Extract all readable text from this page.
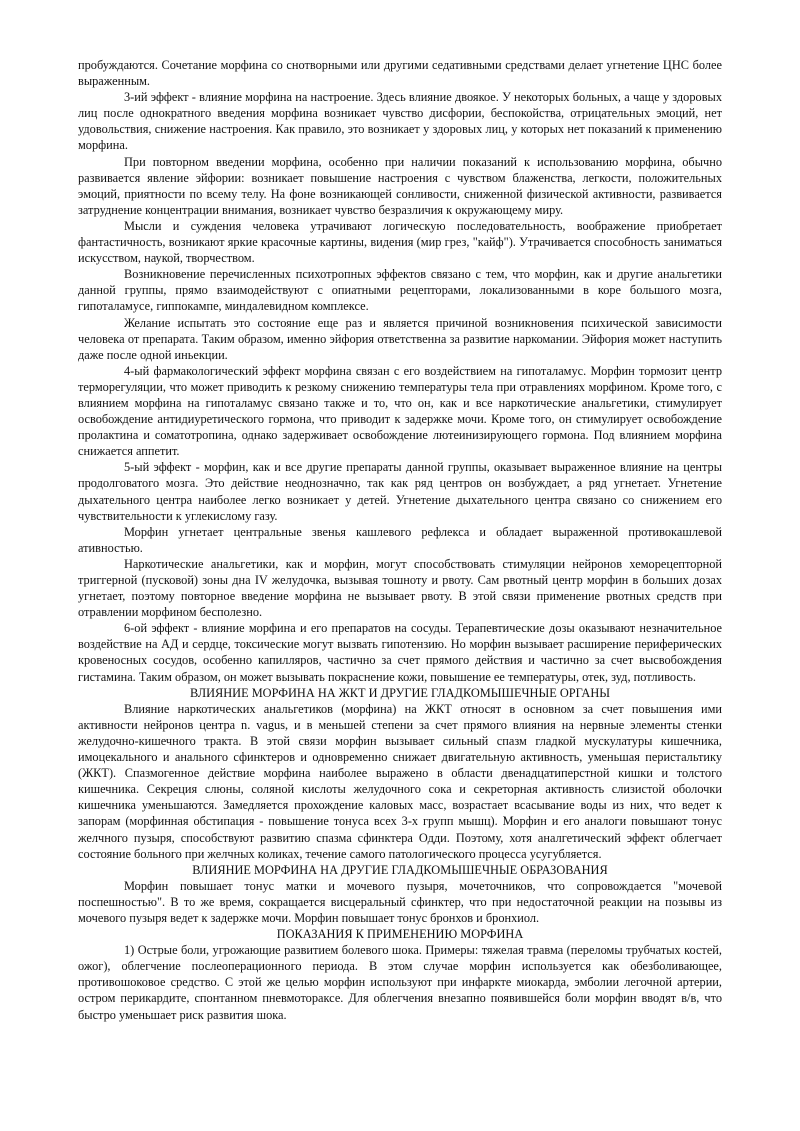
пробуждаются. Сочетание морфина со снотворными или другими седативными средствами делает угнетение ЦНС более выраженным.

3-ий эффект - влияние морфина на настроение. Здесь влияние двоякое. У некоторых больных, а чаще у здоровых лиц после однократного введения морфина возникает чувство дисфории, беспокойства, отрицательных эмоций, нет удовольствия, снижение настроения. Как правило, это возникает у здоровых лиц, у которых нет показаний к применению морфина.

При повторном введении морфина, особенно при наличии показаний к использованию морфина, обычно развивается явление эйфории: возникает повышение настроения с чувством блаженства, легкости, положительных эмоций, приятности по всему телу. На фоне возникающей сонливости, сниженной физической активности, развивается затруднение концентрации внимания, возникает чувство безразличия к окружающему миру.

Мысли и суждения человека утрачивают логическую последовательность, воображение приобретает фантастичность, возникают яркие красочные картины, видения (мир грез, "кайф"). Утрачивается способность заниматься искусством, наукой, творчеством.

Возникновение перечисленных психотропных эффектов связано с тем, что морфин, как и другие анальгетики данной группы, прямо взаимодействуют с опиатными рецепторами, локализованными в коре большого мозга, гипоталамусе, гиппокампе, миндалевидном комплексе.

Желание испытать это состояние еще раз и является причиной возникновения психической зависимости человека от препарата. Таким образом, именно эйфория ответственна за развитие наркомании. Эйфория может наступить даже после одной иньекции.

4-ый фармакологический эффект морфина связан с его воздействием на гипоталамус. Морфин тормозит центр терморегуляции, что может приводить к резкому снижению температуры тела при отравлениях морфином. Кроме того, с влиянием морфина на гипоталамус связано также и то, что он, как и все наркотические анальгетики, стимулирует освобождение антидиуретического гормона, что приводит к задержке мочи. Кроме того, он стимулирует освобождение пролактина и соматотропина, однако задерживает освобождение лютеинизирующего гормона. Под влиянием морфина снижается аппетит.

5-ый эффект - морфин, как и все другие препараты данной группы, оказывает выраженное влияние на центры продолговатого мозга. Это действие неоднозначно, так как ряд центров он возбуждает, а ряд угнетает. Угнетение дыхательного центра наиболее легко возникает у детей. Угнетение дыхательного центра связано со снижением его чувствительности к углекислому газу.

Морфин угнетает центральные звенья кашлевого рефлекса и обладает выраженной противокашлевой ативностью.

Наркотические анальгетики, как и морфин, могут способствовать стимуляции нейронов хеморецепторной триггерной (пусковой) зоны дна IV желудочка, вызывая тошноту и рвоту. Сам рвотный центр морфин в больших дозах угнетает, поэтому повторное введение морфина не вызывает рвоту. В этой связи применение рвотных средств при отравлении морфином бесполезно.

6-ой эффект - влияние морфина и его препаратов на сосуды. Терапевтические дозы оказывают незначительное воздействие на АД и сердце, токсические могут вызвать гипотензию. Но морфин вызывает расширение периферических кровеносных сосудов, особенно капилляров, частично за счет прямого действия и частично за счет высвобождения гистамина. Таким образом, он может вызывать покраснение кожи, повышение ее температуры, отек, зуд, потливость.

ВЛИЯНИЕ МОРФИНА НА ЖКТ И ДРУГИЕ ГЛАДКОМЫШЕЧНЫЕ ОРГАНЫ

Влияние наркотических анальгетиков (морфина) на ЖКТ относят в основном за счет повышения ими активности нейронов центра n. vagus, и в меньшей степени за счет прямого влияния на нервные элементы стенки желудочно-кишечного тракта. В этой связи морфин вызывает сильный спазм гладкой мускулатуры кишечника, имоцекального и анального сфинктеров и одновременно снижает двигательную активность, уменьшая перистальтику (ЖКТ). Спазмогенное действие морфина наиболее выражено в области двенадцатиперстной кишки и толстого кишечника. Секреция слюны, соляной кислоты желудочного сока и секреторная активность слизистой оболочки кишечника уменьшаются. Замедляется прохождение каловых масс, возрастает всасывание воды из них, что ведет к запорам (морфинная обстипация - повышение тонуса всех 3-х групп мышц). Морфин и его аналоги повышают тонус желчного пузыря, способствуют развитию спазма сфинктера Одди. Поэтому, хотя аналгетический эффект облегчает состояние больного при желчных коликах, течение самого патологического процесса усугубляется.

ВЛИЯНИЕ МОРФИНА НА ДРУГИЕ ГЛАДКОМЫШЕЧНЫЕ ОБРАЗОВАНИЯ

Морфин повышает тонус матки и мочевого пузыря, мочеточников, что сопровождается "мочевой поспешностью". В то же время, сокращается висцеральный сфинктер, что при недостаточной реакции на позывы из мочевого пузыря ведет к задержке мочи. Морфин повышает тонус бронхов и бронхиол.

ПОКАЗАНИЯ К ПРИМЕНЕНИЮ МОРФИНА

1) Острые боли, угрожающие развитием болевого шока. Примеры: тяжелая травма (переломы трубчатых костей, ожог), облегчение послеоперационного периода. В этом случае морфин используется как обезболивающее, противошоковое средство. С этой же целью морфин используют при инфаркте миокарда, эмболии легочной артерии, остром перикардите, спонтанном пневмотораксе. Для облегчения внезапно появившейся боли морфин вводят в/в, что быстро уменьшает риск развития шока.
